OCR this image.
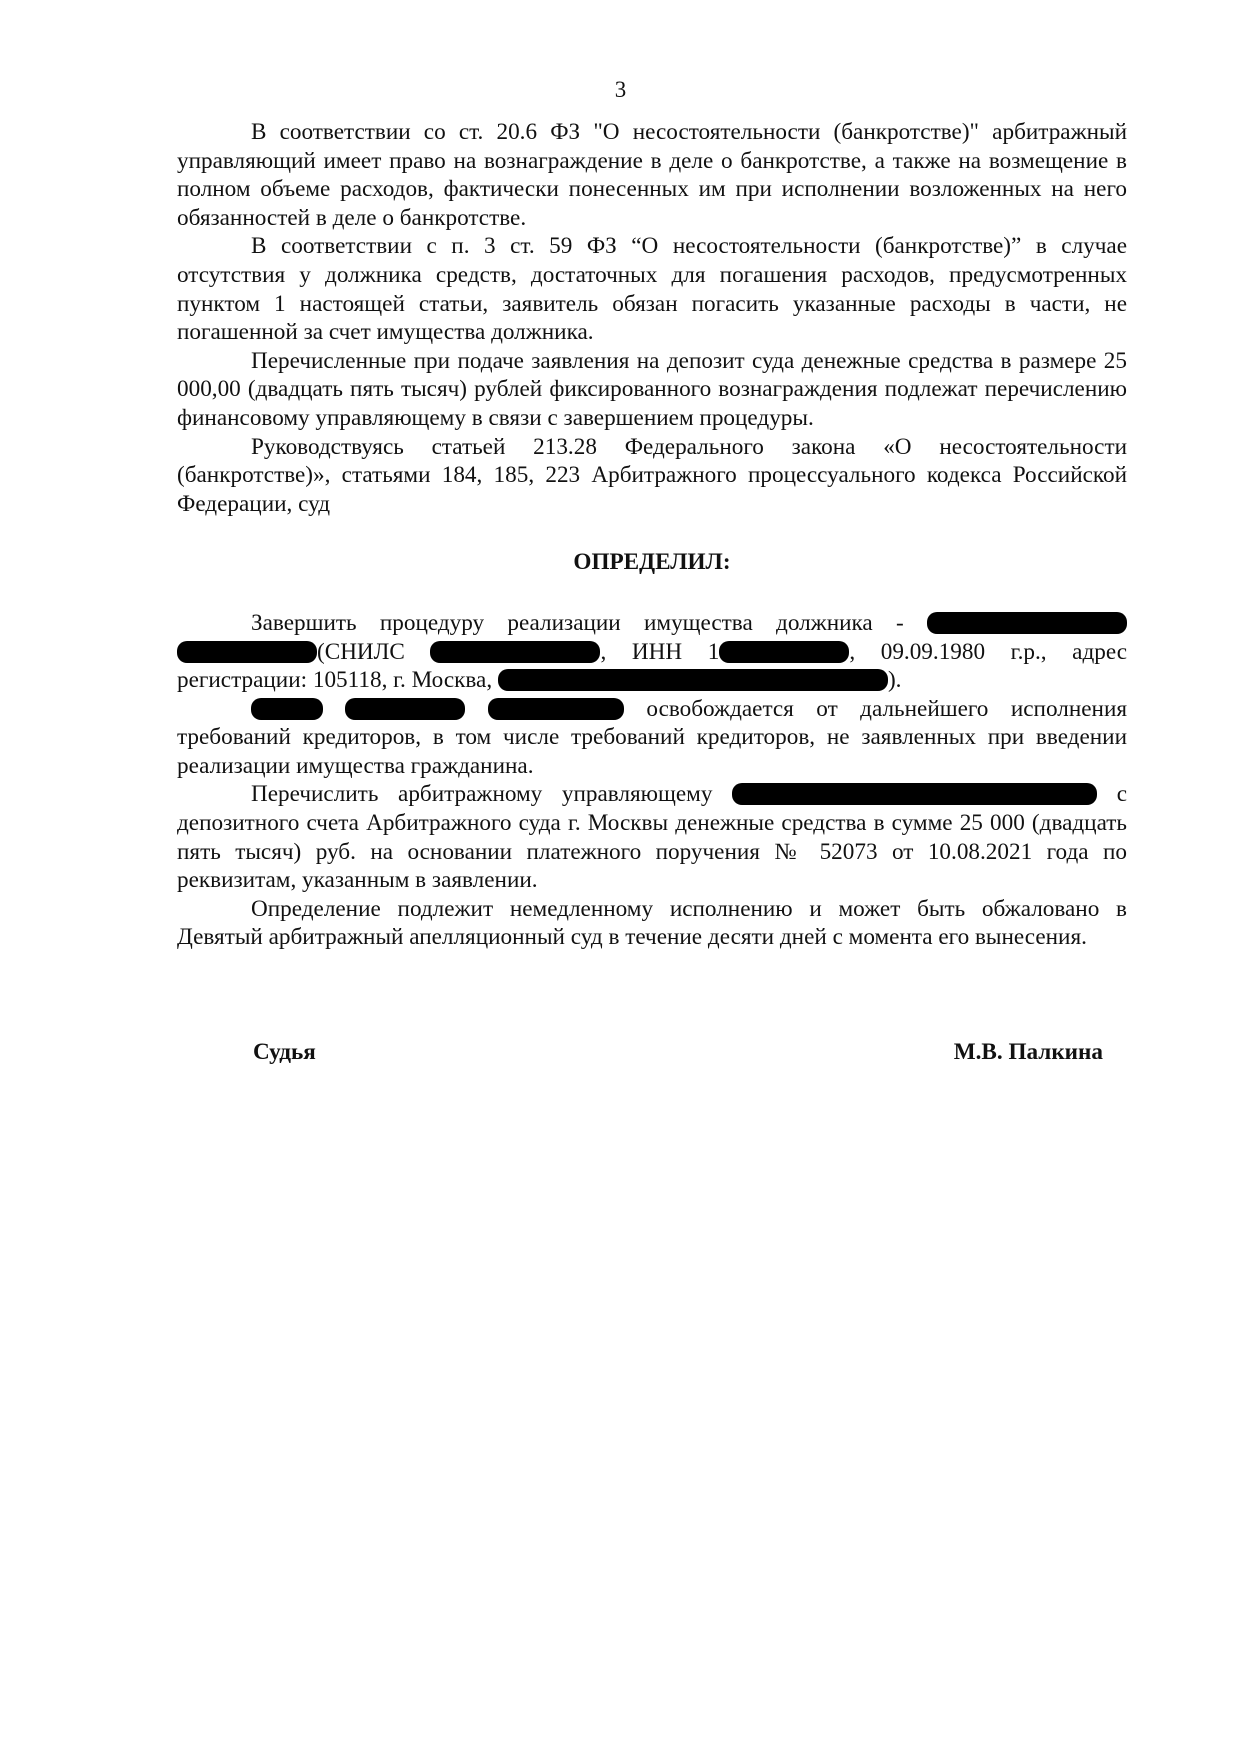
3

В соответствии со ст. 20.6 ФЗ "О несостоятельности (банкротстве)" арбитражный управляющий имеет право на вознаграждение в деле о банкротстве, а также на возмещение в полном объеме расходов, фактически понесенных им при исполнении возложенных на него обязанностей в деле о банкротстве.

В соответствии с п. 3 ст. 59 ФЗ “О несостоятельности (банкротстве)” в случае отсутствия у должника средств, достаточных для погашения расходов, предусмотренных пунктом 1 настоящей статьи, заявитель обязан погасить указанные расходы в части, не погашенной за счет имущества должника.

Перечисленные при подаче заявления на депозит суда денежные средства в размере 25 000,00 (двадцать пять тысяч) рублей фиксированного вознаграждения подлежат перечислению финансовому управляющему в связи с завершением процедуры.

Руководствуясь статьей 213.28 Федерального закона «О несостоятельности (банкротстве)», статьями 184, 185, 223 Арбитражного процессуального кодекса Российской Федерации, суд

ОПРЕДЕЛИЛ:

Завершить процедуру реализации имущества должника -  (СНИЛС	, ИНН 1	, 09.09.1980 г.р., адрес регистрации: 105118, г. Москва,	).

освобождается от дальнейшего исполнения требований кредиторов, в том числе требований кредиторов, не заявленных при введении реализации имущества гражданина.

Перечислить арбитражному управляющему	с депозитного счета Арбитражного суда г. Москвы денежные средства в сумме 25 000 (двадцать пять тысяч) руб. на основании платежного поручения № 52073 от 10.08.2021 года по реквизитам, указанным в заявлении.

Определение подлежит немедленному исполнению и может быть обжаловано в Девятый арбитражный апелляционный суд в течение десяти дней с момента его вынесения.

Судья	М.В. Палкина
